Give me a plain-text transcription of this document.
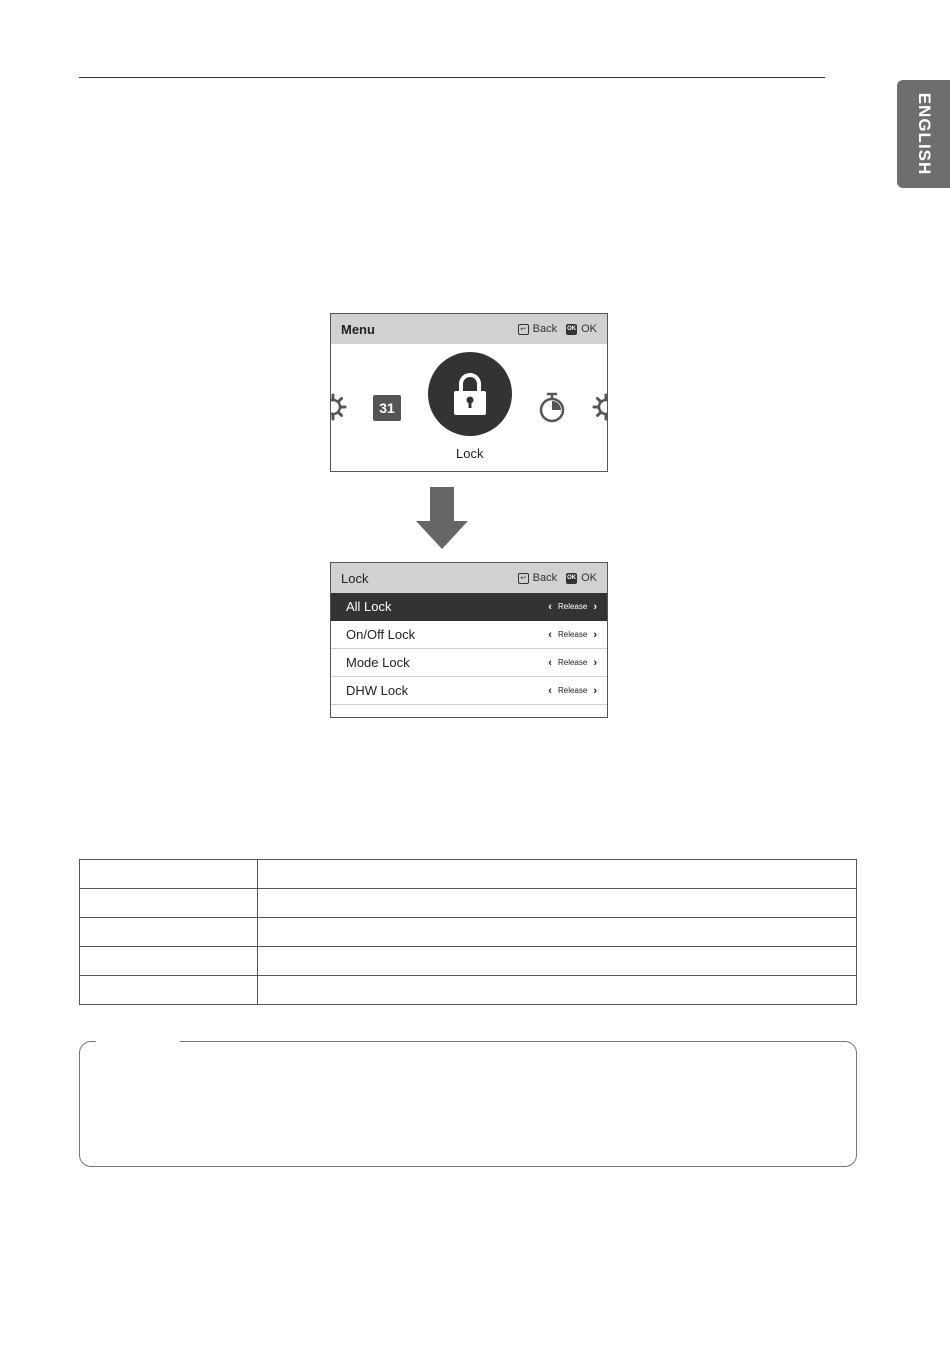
ENGLISH
Menu	↩ Back OK OK
31
Lock
Lock	↩ Back OK OK
All Lock	‹ Release ›
On/Off Lock	‹ Release ›
Mode Lock	‹ Release ›
DHW Lock	‹ Release ›
